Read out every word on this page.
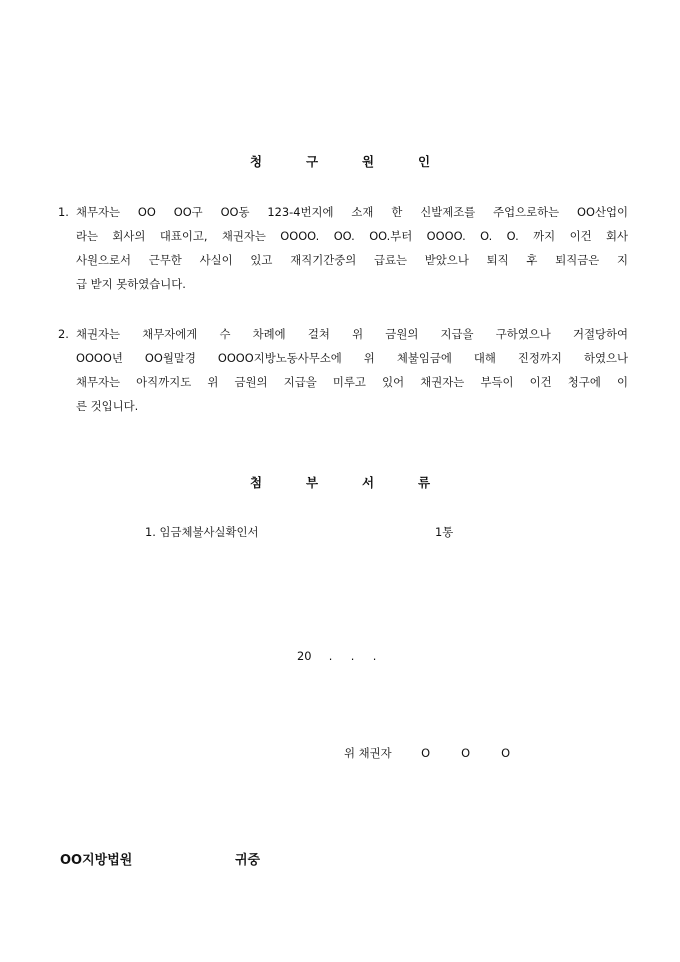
청	구	원	인
1. 채무자는 OO OO구 OO동 123-4번지에 소재 한 신발제조를 주업으로하는 OO산업이
라는 회사의 대표이고, 채권자는 OOOO. OO. OO.부터 OOOO. O. O. 까지 이건 회사
사원으로서 근무한 사실이 있고 재직기간중의 급료는 받았으나 퇴직 후 퇴직금은 지
급 받지 못하였습니다.
2. 채권자는 채무자에게 수 차례에 걸쳐 위 금원의 지급을 구하였으나 거절당하여
OOOO년 OO월말경 OOOO지방노동사무소에 위 체불임금에 대해 진정까지 하였으나
채무자는 아직까지도 위 금원의 지급을 미루고 있어 채권자는 부득이 이건 청구에 이
른 것입니다.
첨	부	서	류
1. 임금체불사실확인서	1통
20 . . .
위 채권자	O	O	O
OO지방법원	귀중
